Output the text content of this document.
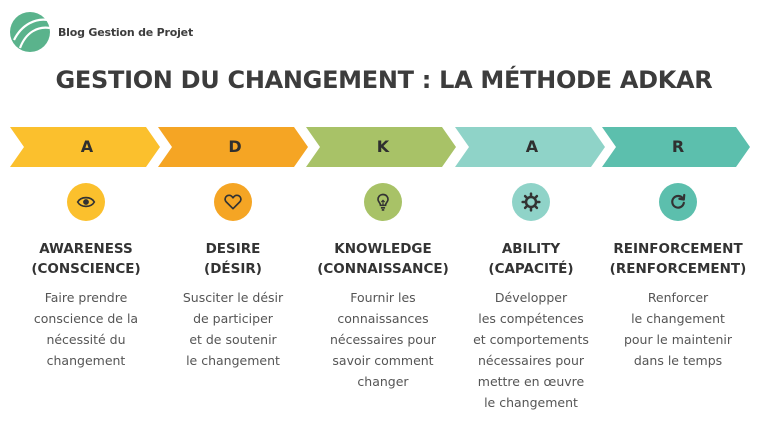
Blog Gestion de Projet
GESTION DU CHANGEMENT : LA MÉTHODE ADKAR
A	D	K	A	R
AWARENESS
(CONSCIENCE)
Faire prendre
conscience de la
nécessité du
changement
DESIRE
(DÉSIR)
Susciter le désir
de participer
et de soutenir
le changement
KNOWLEDGE
(CONNAISSANCE)
Fournir les
connaissances
nécessaires pour
savoir comment
changer
ABILITY
(CAPACITÉ)
Développer
les compétences
et comportements
nécessaires pour
mettre en œuvre
le changement
REINFORCEMENT
(RENFORCEMENT)
Renforcer
le changement
pour le maintenir
dans le temps
